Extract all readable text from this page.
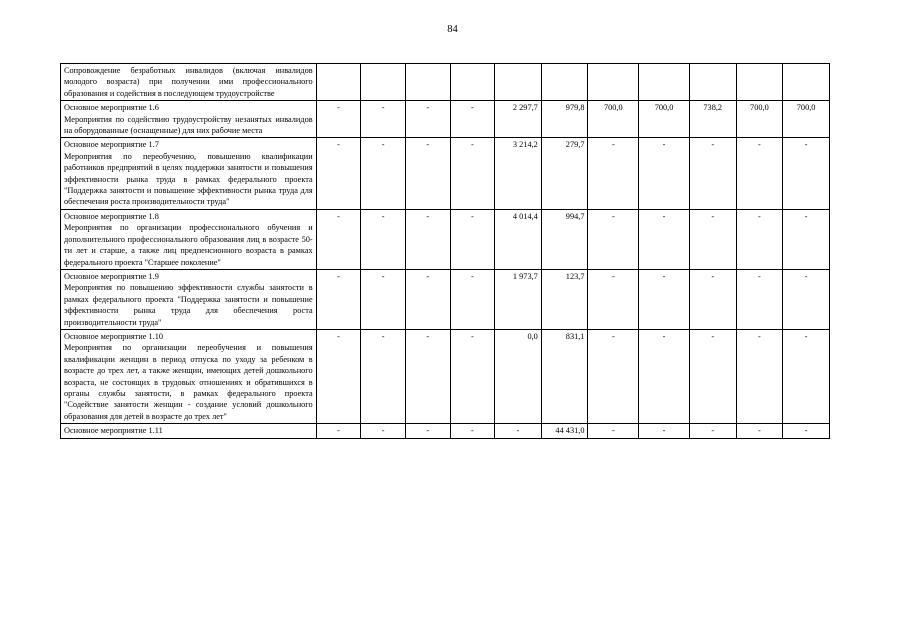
84
Сопровождение безработных инвалидов (включая инвалидов молодого возраста) при получении ими профессионального образования и содействия в последующем трудоустройстве											

Основное мероприятие 1.6
Мероприятия по содействию трудоустройству незанятых инвалидов на оборудованные (оснащенные) для них рабочие места	-	-	-	-	2 297,7	979,8	700,0	700,0	738,2	700,0	700,0

Основное мероприятие 1.7
Мероприятия по переобучению, повышению квалификации работников предприятий в целях поддержки занятости и повышения эффективности рынка труда в рамках федерального проекта "Поддержка занятости и повышение эффективности рынка труда для обеспечения роста производительности труда"	-	-	-	-	3 214,2	279,7	-	-	-	-	-

Основное мероприятие 1.8
Мероприятия по организации профессионального обучения и дополнительного профессионального образования лиц в возрасте 50-ти лет и старше, а также лиц предпенсионного возраста в рамках федерального проекта "Старшее поколение"	-	-	-	-	4 014,4	994,7	-	-	-	-	-

Основное мероприятие 1.9
Мероприятия по повышению эффективности службы занятости в рамках федерального проекта "Поддержка занятости и повышение эффективности рынка труда для обеспечения роста производительности труда"	-	-	-	-	1 973,7	123,7	-	-	-	-	-

Основное мероприятие 1.10
Мероприятия по организации переобучения и повышения квалификации женщин в период отпуска по уходу за ребенком в возрасте до трех лет, а также женщин, имеющих детей дошкольного возраста, не состоящих в трудовых отношениях и обратившихся в органы службы занятости, в рамках федерального проекта "Содействие занятости женщин - создание условий дошкольного образования для детей в возрасте до трех лет"	-	-	-	-	0,0	831,1	-	-	-	-	-

Основное мероприятие 1.11	-	-	-	-	-	44 431,0	-	-	-	-	-
